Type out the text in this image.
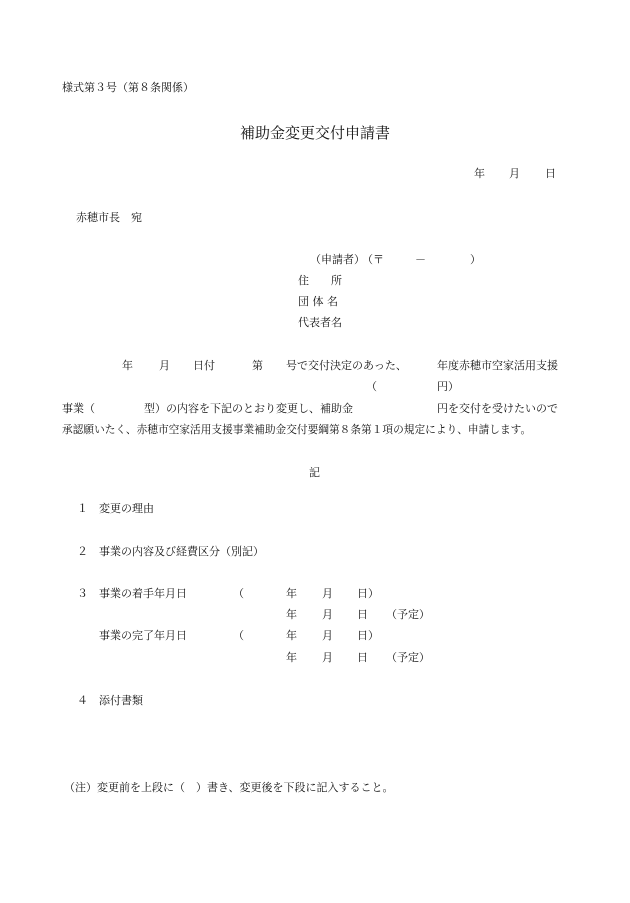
様式第３号（第８条関係）
補助金変更交付申請書
年 月 日
赤穂市長　宛
（申請者）
（〒	－	）
住　　所
団 体 名
代表者名
年 月 日付	第 号で交付決定のあった、	年度赤穂市空家活用支援
（	円）
事業（	型）の内容を下記のとおり変更し、補助金	円を交付を受けたいので
承認願いたく、赤穂市空家活用支援事業補助金交付要綱第８条第１項の規定により、申請します。
記
１ 変更の理由
２ 事業の内容及び経費区分（別記）
３ 事業の着手年月日	（	年 月 日）
年 月 日 （予定）
事業の完了年月日	（	年 月 日）
年 月 日 （予定）
４ 添付書類
（注）変更前を上段に（　）書き、変更後を下段に記入すること。
